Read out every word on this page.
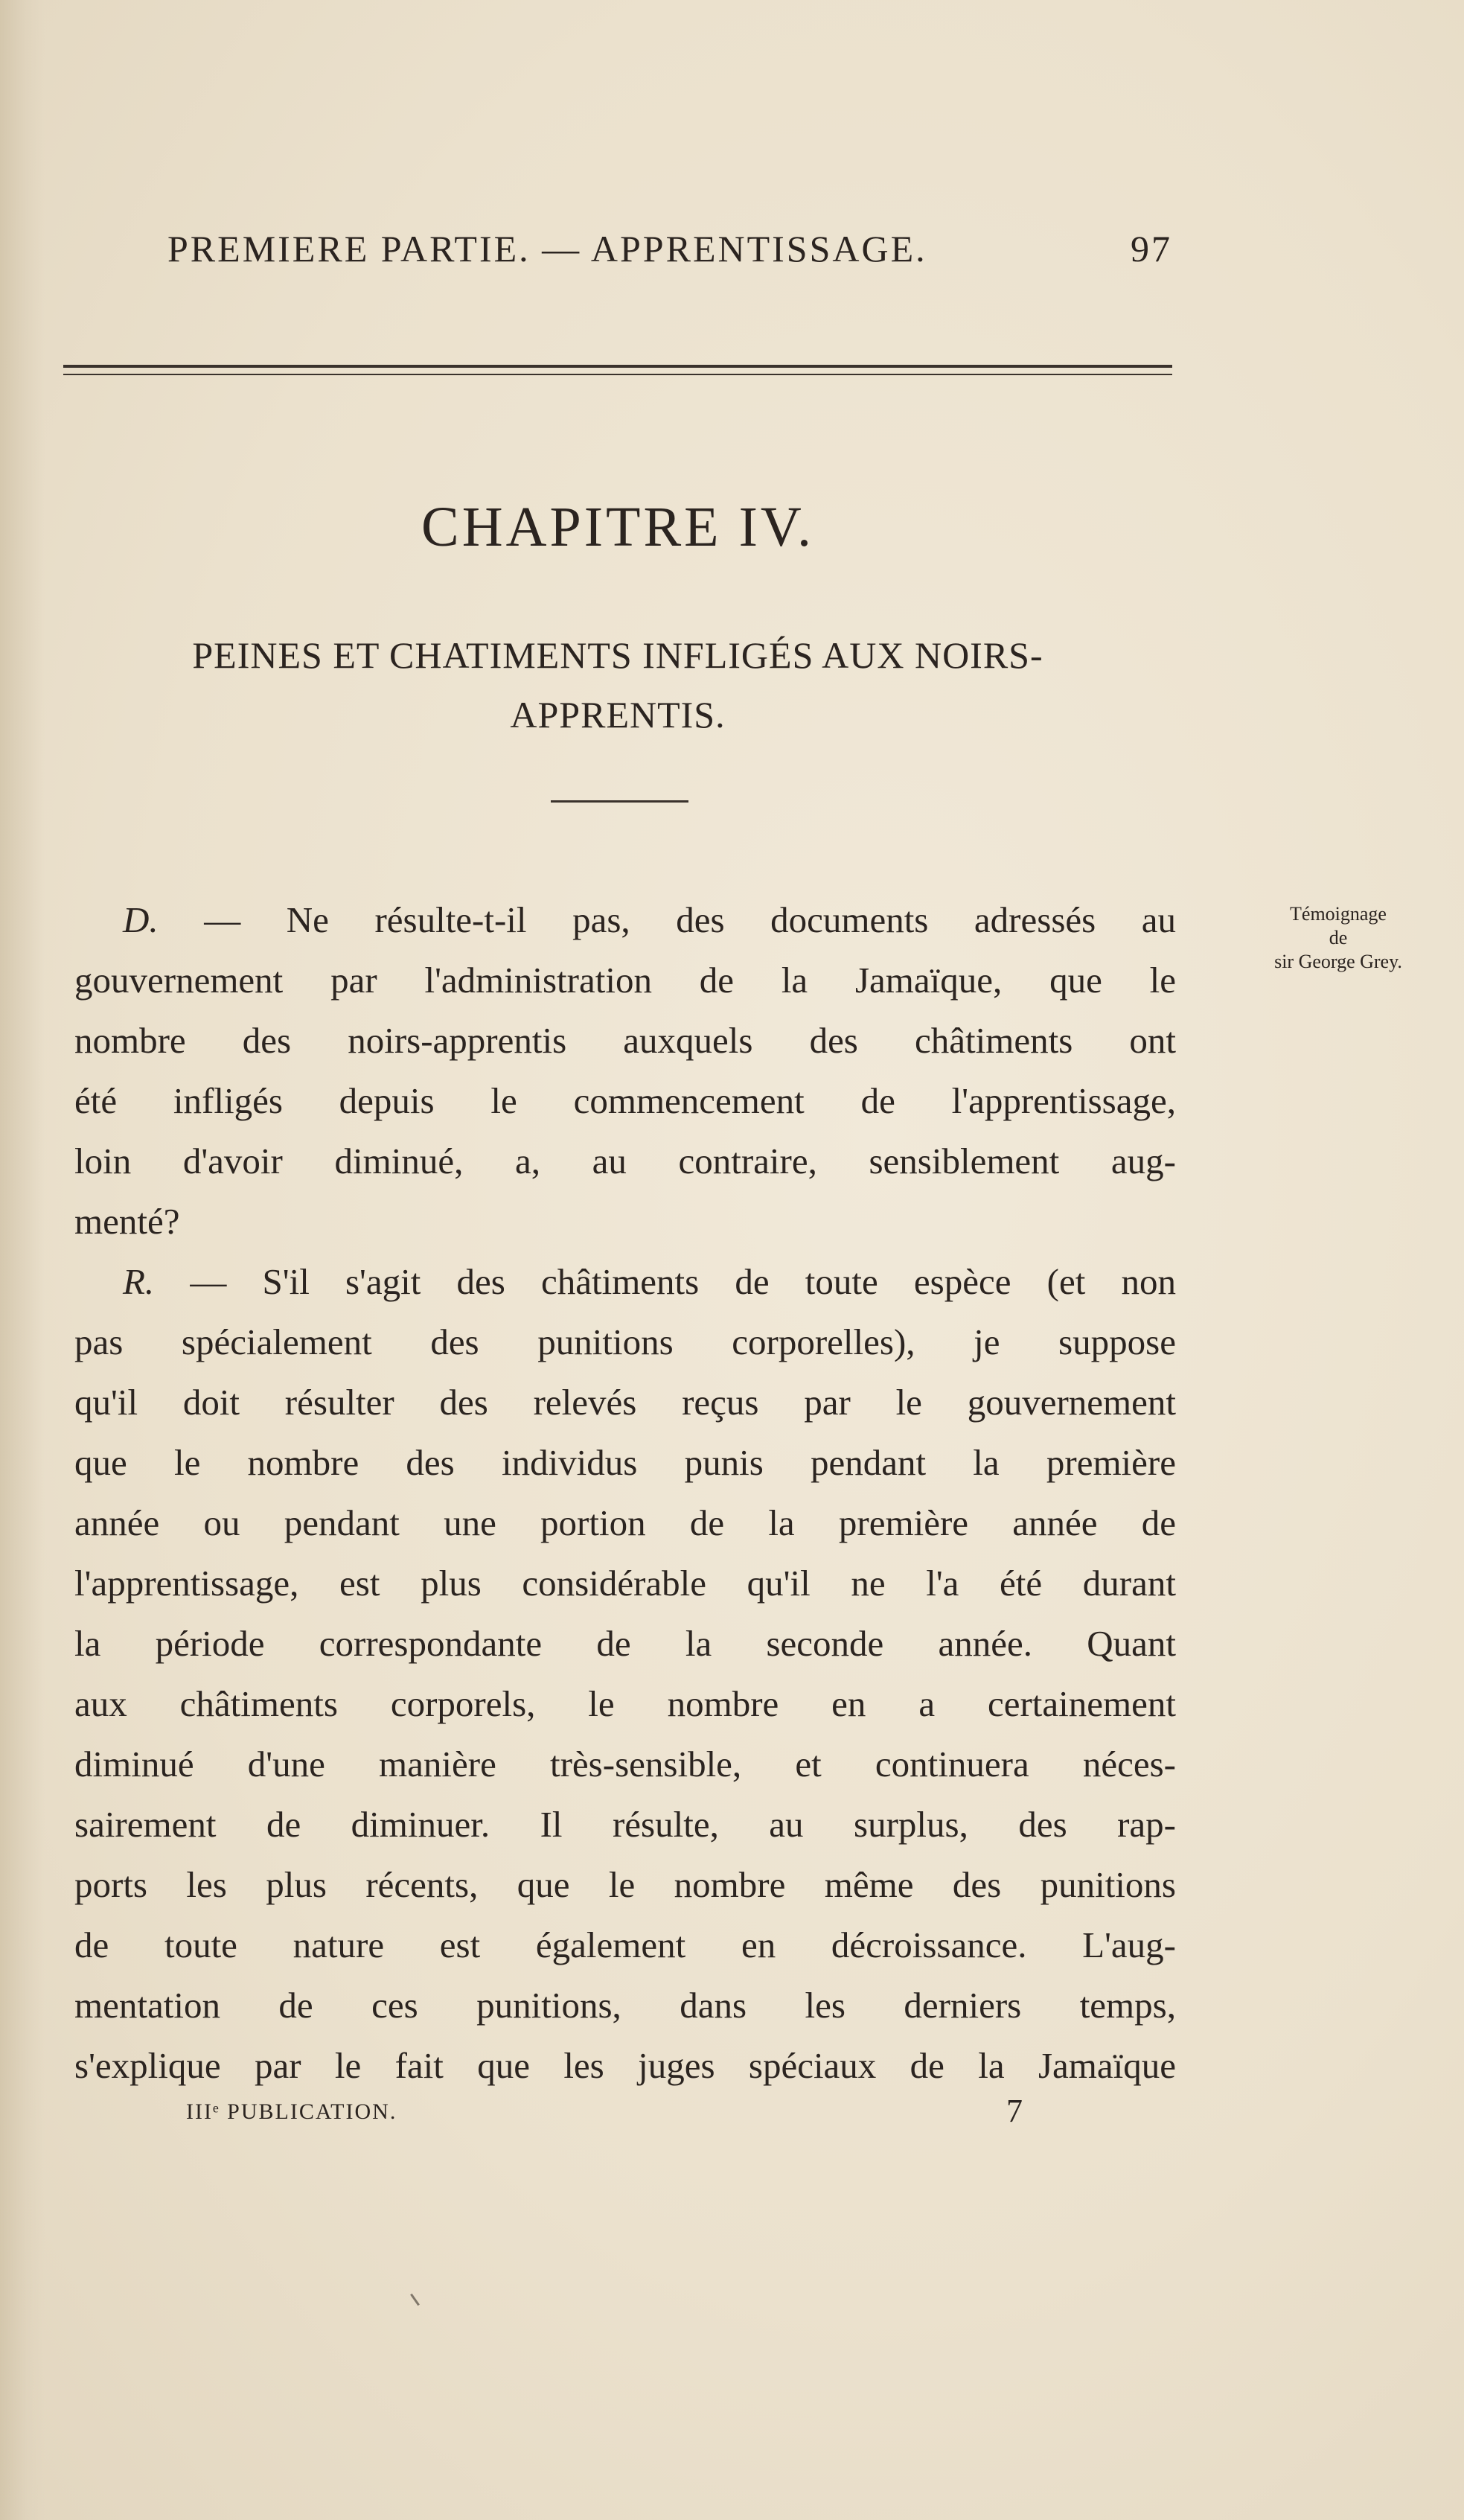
PREMIERE PARTIE. — APPRENTISSAGE.	97
CHAPITRE IV.
PEINES ET CHATIMENTS INFLIGÉS AUX NOIRS-
APPRENTIS.
Témoignage
de
sir George Grey.
D. — Ne résulte-t-il pas, des documents adressés au
gouvernement par l'administration de la Jamaïque, que le
nombre des noirs-apprentis auxquels des châtiments ont
été infligés depuis le commencement de l'apprentissage,
loin d'avoir diminué, a, au contraire, sensiblement aug-
menté?
R. — S'il s'agit des châtiments de toute espèce (et non
pas spécialement des punitions corporelles), je suppose
qu'il doit résulter des relevés reçus par le gouvernement
que le nombre des individus punis pendant la première
année ou pendant une portion de la première année de
l'apprentissage, est plus considérable qu'il ne l'a été durant
la période correspondante de la seconde année. Quant
aux châtiments corporels, le nombre en a certainement
diminué d'une manière très-sensible, et continuera néces-
sairement de diminuer. Il résulte, au surplus, des rap-
ports les plus récents, que le nombre même des punitions
de toute nature est également en décroissance. L'aug-
mentation de ces punitions, dans les derniers temps,
s'explique par le fait que les juges spéciaux de la Jamaïque
IIIᵉ PUBLICATION.	7
